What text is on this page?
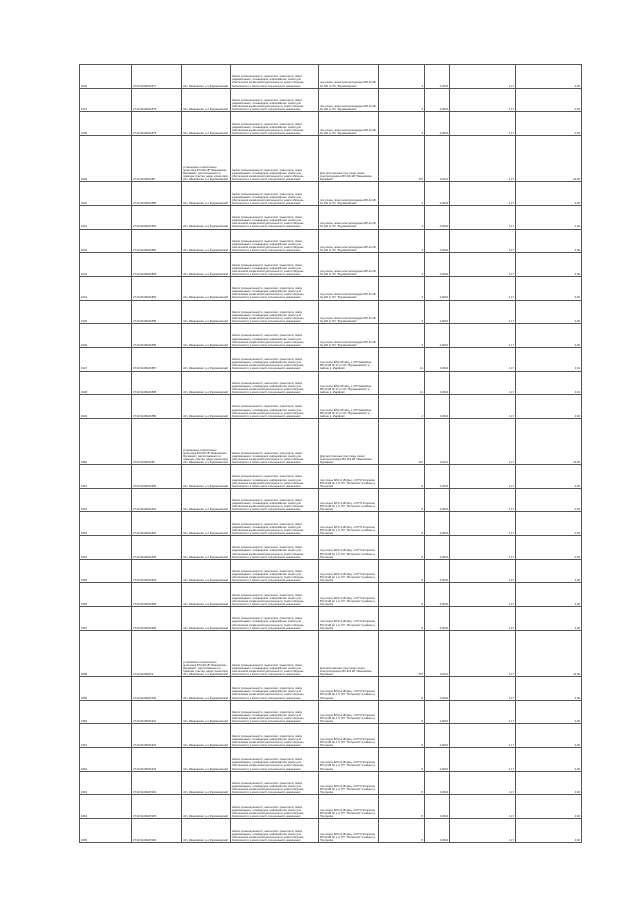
1936	27:02:0109026:877	обл. Ивановская, р-н Фурмановский	Земли промышленности, энергетики, транспорта, связи, радиовещания, телевидения, информатики, земли для обеспечения космической деятельности, земли обороны, безопасности и земли иного специального назначения	под опоры линии электропередачи ВЛ-10 кВ № 100 от ПС "Фурмановская"	3	0,0004	1,17	0,00
1937	27:02:0109026:878	обл. Ивановская, р-н Фурмановский	Земли промышленности, энергетики, транспорта, связи, радиовещания, телевидения, информатики, земли для обеспечения космической деятельности, земли обороны, безопасности и земли иного специального назначения	под опоры линии электропередачи ВЛ-10 кВ № 100 от ПС "Фурмановская"	3	0,0004	1,17	0,00
1938	37:02:0109026:879	обл. Ивановская, р-н Фурмановский	Земли промышленности, энергетики, транспорта, связи, радиовещания, телевидения, информатики, земли для обеспечения космической деятельности, земли обороны, безопасности и земли иного специального назначения	под опоры линии электропередачи ВЛ-10 кВ № 100 от ПС "Фурмановская"	3	0,0004	1,17	0,00
1939	37:02:0109026:88	установлено относительно ориентира ВЛ-220 кВ "Ивановская-Фурманов", расположенного в границах участка, адрес ориентира: обл. Ивановская, р-н Фурмановский	Земли промышленности, энергетики, транспорта, связи, радиовещания, телевидения, информатики, земли для обеспечения космической деятельности, земли обороны, безопасности и земли иного специального назначения	Для эксплуатации под опоры линии электропередачи ВЛ-220 кВ "Ивановская-Фурманов"	157	0,0011	1,17	20,00
1940	37:02:0109026:880	обл. Ивановская, р-н Фурмановский	Земли промышленности, энергетики, транспорта, связи, радиовещания, телевидения, информатики, земли для обеспечения космической деятельности, земли обороны, безопасности и земли иного специального назначения	под опоры линии электропередачи ВЛ-10 кВ № 100 от ПС "Фурмановская"	3	0,0004	1,17	0,00
1941	27:02:0109026:881	обл. Ивановская, р-н Фурмановский	Земли промышленности, энергетики, транспорта, связи, радиовещания, телевидения, информатики, земли для обеспечения космической деятельности, земли обороны, безопасности и земли иного специального назначения	под опоры линии электропередачи ВЛ-10 кВ № 100 от ПС "Фурмановская"	3	0,0004	1,17	0,00
1942	27:02:0109026:882	обл. Ивановская, р-н Фурмановский	Земли промышленности, энергетики, транспорта, связи, радиовещания, телевидения, информатики, земли для обеспечения космической деятельности, земли обороны, безопасности и земли иного специального назначения	под опоры линии электропередачи ВЛ-10 кВ № 100 от ПС "Фурмановская"	3	0,0004	1,17	0,00
1943	27:02:0109026:883	обл. Ивановская, р-н Фурмановский	Земли промышленности, энергетики, транспорта, связи, радиовещания, телевидения, информатики, земли для обеспечения космической деятельности, земли обороны, безопасности и земли иного специального назначения	под опоры линии электропередачи ВЛ-10 кВ № 100 от ПС "Фурмановская"	3	0,0004	1,17	0,00
1944	27:02:0109026:884	обл. Ивановская, р-н Фурмановский	Земли промышленности, энергетики, транспорта, связи, радиовещания, телевидения, информатики, земли для обеспечения космической деятельности, земли обороны, безопасности и земли иного специального назначения	под опоры линии электропередачи ВЛ-10 кВ № 100 от ПС "Фурмановская"	3	0,0004	1,17	0,00
1945	37:02:0109026:885	обл. Ивановская, р-н Фурмановский	Земли промышленности, энергетики, транспорта, связи, радиовещания, телевидения, информатики, земли для обеспечения космической деятельности, земли обороны, безопасности и земли иного специального назначения	под опоры линии электропередачи ВЛ-10 кВ № 100 от ПС "Фурмановская"	3	0,0004	1,17	0,00
1946	37:02:0109026:886	обл. Ивановская, р-н Фурмановский	Земли промышленности, энергетики, транспорта, связи, радиовещания, телевидения, информатики, земли для обеспечения космической деятельности, земли обороны, безопасности и земли иного специального назначения	под опоры линии электропередачи ВЛ-10 кВ № 100 от ПС "Фурмановская"	3	0,0004	1,17	0,00
1947	37:02:0109026:887	обл. Ивановская, р-н Фурмановский	Земли промышленности, энергетики, транспорта, связи, радиовещания, телевидения, информатики, земли для обеспечения космической деятельности, земли обороны, безопасности и земли иного специального назначения	под опоры ВЛ-6 кВ фид. 1 КТП-Марфино; ВЛ-10 кВ № 17 от ПС "Фурмановская" в районе д. Марфино	12	0,0004	1,17	0,01
1948	37:02:0109026:888	обл. Ивановская, р-н Фурмановский	Земли промышленности, энергетики, транспорта, связи, радиовещания, телевидения, информатики, земли для обеспечения космической деятельности, земли обороны, безопасности и земли иного специального назначения	под опоры ВЛ-6 кВ фид. 1 КТП-Марфино; ВЛ-10 кВ № 17 от ПС "Фурмановская" в районе д. Марфино	12	0,0004	1,17	0,01
1949	37:02:0109026:889	обл. Ивановская, р-н Фурмановский	Земли промышленности, энергетики, транспорта, связи, радиовещания, телевидения, информатики, земли для обеспечения космической деятельности, земли обороны, безопасности и земли иного специального назначения	под опоры ВЛ-6 кВ фид. 1 КТП-Марфино; ВЛ-10 кВ № 17 от ПС "Фурмановская" в районе д. Марфино	4	0,0004	1,17	0,00
1950	37:02:0109026:89	установлено относительно ориентира ВЛ-220 кВ "Ивановская-Фурманов", расположенного в границах участка, адрес ориентира: обл. Ивановская, р-н Фурмановский	Земли промышленности, энергетики, транспорта, связи, радиовещания, телевидения, информатики, земли для обеспечения космической деятельности, земли обороны, безопасности и земли иного специального назначения	Для эксплуатации под опоры линии электропередачи ВЛ-220 кВ "Ивановская-Фурманов"	157	0,0011	1,17	20,00
1951	37:02:0109026:890	обл. Ивановская, р-н Фурмановский	Земли промышленности, энергетики, транспорта, связи, радиовещания, телевидения, информатики, земли для обеспечения космической деятельности, земли обороны, безопасности и земли иного специального назначения	под опоры ВЛ-0,4 кВ фид. 1 КТП-Погорелка; ВЛ-10 кВ № 1 от ПС "Погорелка" в районе д. Погорелка	8	0,0004	1,17	0,00
1952	37:02:0109026:891	обл. Ивановская, р-н Фурмановский	Земли промышленности, энергетики, транспорта, связи, радиовещания, телевидения, информатики, земли для обеспечения космической деятельности, земли обороны, безопасности и земли иного специального назначения	под опоры ВЛ-0,4 кВ фид. 1 КТП-Погорелка; ВЛ-10 кВ № 1 от ПС "Погорелка" в районе д. Погорелка	8	0,0004	1,17	0,00
1953	37:02:0109026:892	обл. Ивановская, р-н Фурмановский	Земли промышленности, энергетики, транспорта, связи, радиовещания, телевидения, информатики, земли для обеспечения космической деятельности, земли обороны, безопасности и земли иного специального назначения	под опоры ВЛ-0,4 кВ фид. 1 КТП-Погорелка; ВЛ-10 кВ № 1 от ПС "Погорелка" в районе д. Погорелка	8	0,0004	1,17	0,00
1954	37:02:0109026:893	обл. Ивановская, р-н Фурмановский	Земли промышленности, энергетики, транспорта, связи, радиовещания, телевидения, информатики, земли для обеспечения космической деятельности, земли обороны, безопасности и земли иного специального назначения	под опоры ВЛ-0,4 кВ фид. 1 КТП-Погорелка; ВЛ-10 кВ № 1 от ПС "Погорелка" в районе д. Погорелка	8	0,0004	1,17	0,00
1955	37:02:0109026:894	обл. Ивановская, р-н Фурмановский	Земли промышленности, энергетики, транспорта, связи, радиовещания, телевидения, информатики, земли для обеспечения космической деятельности, земли обороны, безопасности и земли иного специального назначения	под опоры ВЛ-0,4 кВ фид. 1 КТП-Погорелка; ВЛ-10 кВ № 1 от ПС "Погорелка" в районе д. Погорелка	8	0,0004	1,17	0,00
1956	37:02:0109026:895	обл. Ивановская, р-н Фурмановский	Земли промышленности, энергетики, транспорта, связи, радиовещания, телевидения, информатики, земли для обеспечения космической деятельности, земли обороны, безопасности и земли иного специального назначения	под опоры ВЛ-0,4 кВ фид. 1 КТП-Погорелка; ВЛ-10 кВ № 1 от ПС "Погорелка" в районе д. Погорелка	8	0,0004	1,17	0,00
1957	37:02:0109026:896	обл. Ивановская, р-н Фурмановский	Земли промышленности, энергетики, транспорта, связи, радиовещания, телевидения, информатики, земли для обеспечения космической деятельности, земли обороны, безопасности и земли иного специального назначения	под опоры ВЛ-0,4 кВ фид. 1 КТП-Погорелка; ВЛ-10 кВ № 1 от ПС "Погорелка" в районе д. Погорелка	8	0,0004	1,17	0,00
1958	37:02:0109026:9	установлено относительно ориентира ВЛ-220 кВ "Ивановская-Фурманов", расположенного в границах участка, адрес ориентира: обл. Ивановская, р-н Фурмановский	Земли промышленности, энергетики, транспорта, связи, радиовещания, телевидения, информатики, земли для обеспечения космической деятельности, земли обороны, безопасности и земли иного специального назначения	Для эксплуатации под опоры линии электропередачи ВЛ-220 кВ "Ивановская-Фурманов"	157	0,0011	1,17	20,00
1959	37:02:0109026:900	обл. Ивановская, р-н Фурмановский	Земли промышленности, энергетики, транспорта, связи, радиовещания, телевидения, информатики, земли для обеспечения космической деятельности, земли обороны, безопасности и земли иного специального назначения	под опоры ВЛ-0,4 кВ фид. 1 КТП-Погорелка; ВЛ-10 кВ № 1 от ПС "Погорелка" в районе д. Погорелка	8	0,0004	1,17	0,00
1960	37:02:0109026:901	обл. Ивановская, р-н Фурмановский	Земли промышленности, энергетики, транспорта, связи, радиовещания, телевидения, информатики, земли для обеспечения космической деятельности, земли обороны, безопасности и земли иного специального назначения	под опоры ВЛ-0,4 кВ фид. 1 КТП-Погорелка; ВЛ-10 кВ № 1 от ПС "Погорелка" в районе д. Погорелка	8	0,0004	1,17	0,00
1961	37:02:0109026:902	обл. Ивановская, р-н Фурмановский	Земли промышленности, энергетики, транспорта, связи, радиовещания, телевидения, информатики, земли для обеспечения космической деятельности, земли обороны, безопасности и земли иного специального назначения	под опоры ВЛ-0,4 кВ фид. 2 КТП-Погорелка; ВЛ-10 кВ № 1 от ПС "Погорелка" в районе д. Погорелка	8	0,0004	1,17	0,00
1962	37:02:0109026:903	обл. Ивановская, р-н Фурмановский	Земли промышленности, энергетики, транспорта, связи, радиовещания, телевидения, информатики, земли для обеспечения космической деятельности, земли обороны, безопасности и земли иного специального назначения	под опоры ВЛ-0,4 кВ фид. 2 КТП-Погорелка; ВЛ-10 кВ № 1 от ПС "Погорелка" в районе д. Погорелка	8	0,0004	1,17	0,00
1963	37:02:0109026:904	обл. Ивановская, р-н Фурмановский	Земли промышленности, энергетики, транспорта, связи, радиовещания, телевидения, информатики, земли для обеспечения космической деятельности, земли обороны, безопасности и земли иного специального назначения	под опоры ВЛ-0,4 кВ фид. 2 КТП-Погорелка; ВЛ-10 кВ № 1 от ПС "Погорелка" в районе д. Погорелка	8	0,0004	1,17	0,00
1964	37:02:0109026:905	обл. Ивановская, р-н Фурмановский	Земли промышленности, энергетики, транспорта, связи, радиовещания, телевидения, информатики, земли для обеспечения космической деятельности, земли обороны, безопасности и земли иного специального назначения	под опоры ВЛ-0,4 кВ фид. 2 КТП-Погорелка; ВЛ-10 кВ № 1 от ПС "Погорелка" в районе д. Погорелка	8	0,0004	1,17	0,00
1965	37:02:0109026:906	обл. Ивановская, р-н Фурмановский	Земли промышленности, энергетики, транспорта, связи, радиовещания, телевидения, информатики, земли для обеспечения космической деятельности, земли обороны, безопасности и земли иного специального назначения	под опоры ВЛ-0,4 кВ фид. 2 КТП-Погорелка; ВЛ-10 кВ № 1 от ПС "Погорелка" в районе д. Погорелка	8	0,0004	1,17	0,00
